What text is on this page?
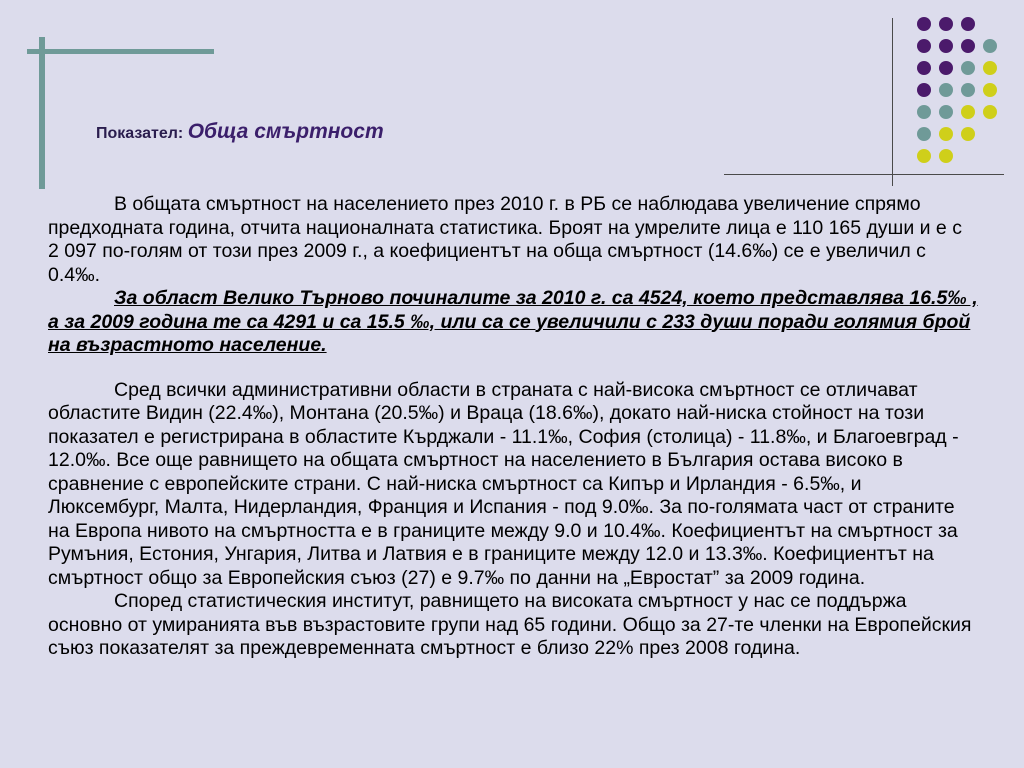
Показател: Обща смъртност

В общата смъртност на населението през 2010 г. в РБ се наблюдава увеличение спрямо предходната година, отчита националната статистика. Броят на умрелите лица е 110 165 души и е с 2 097 по-голям от този през 2009 г., а коефициентът на обща смъртност (14.6‰) се е увеличил с 0.4‰.

За област Велико Търново починалите за 2010 г. са 4524, което представлява 16.5‰ , а за 2009 година те са 4291 и са 15.5 ‰, или са се увеличили с 233 души поради голямия брой на възрастното население.

Сред всички административни области в страната с най-висока смъртност се отличават областите Видин (22.4‰), Монтана (20.5‰) и Враца (18.6‰), докато най-ниска стойност на този показател е регистрирана в областите Кърджали - 11.1‰, София (столица) - 11.8‰, и Благоевград - 12.0‰. Все още равнището на общата смъртност на населението в България остава високо в сравнение с европейските страни. С най-ниска смъртност са Кипър и Ирландия - 6.5‰, и Люксембург, Малта, Нидерландия, Франция и Испания - под 9.0‰. За по-голямата част от страните на Европа нивото на смъртността е в границите между 9.0 и 10.4‰. Коефициентът на смъртност за Румъния, Естония, Унгария, Литва и Латвия е в границите между 12.0 и 13.3‰. Коефициентът на смъртност общо за Европейския съюз (27) е 9.7‰ по данни на „Евростат” за 2009 година.

Според статистическия институт, равнището на високата смъртност у нас се поддържа основно от умиранията във възрастовите групи над 65 години. Общо за 27-те членки на Европейския съюз показателят за преждевременната смъртност е близо 22% през 2008 година.
